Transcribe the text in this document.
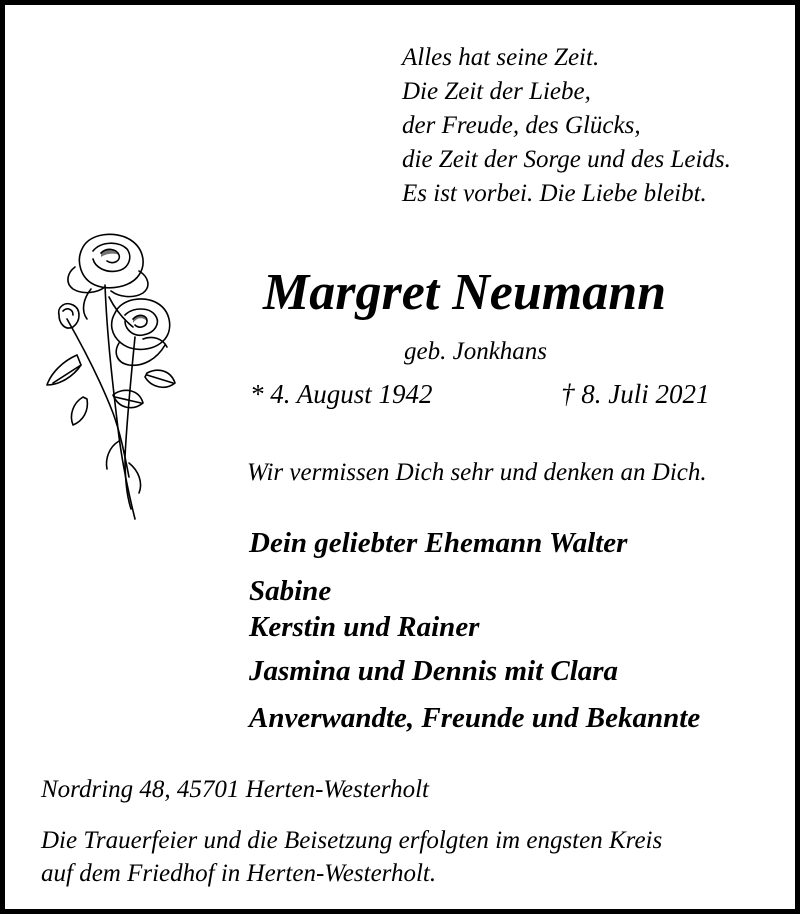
Alles hat seine Zeit.
Die Zeit der Liebe,
der Freude, des Glücks,
die Zeit der Sorge und des Leids.
Es ist vorbei. Die Liebe bleibt.
Margret Neumann
geb. Jonkhans
* 4. August 1942	† 8. Juli 2021
Wir vermissen Dich sehr und denken an Dich.
Dein geliebter Ehemann Walter
Sabine
Kerstin und Rainer
Jasmina und Dennis mit Clara
Anverwandte, Freunde und Bekannte
Nordring 48, 45701 Herten-Westerholt
Die Trauerfeier und die Beisetzung erfolgten im engsten Kreis
auf dem Friedhof in Herten-Westerholt.
